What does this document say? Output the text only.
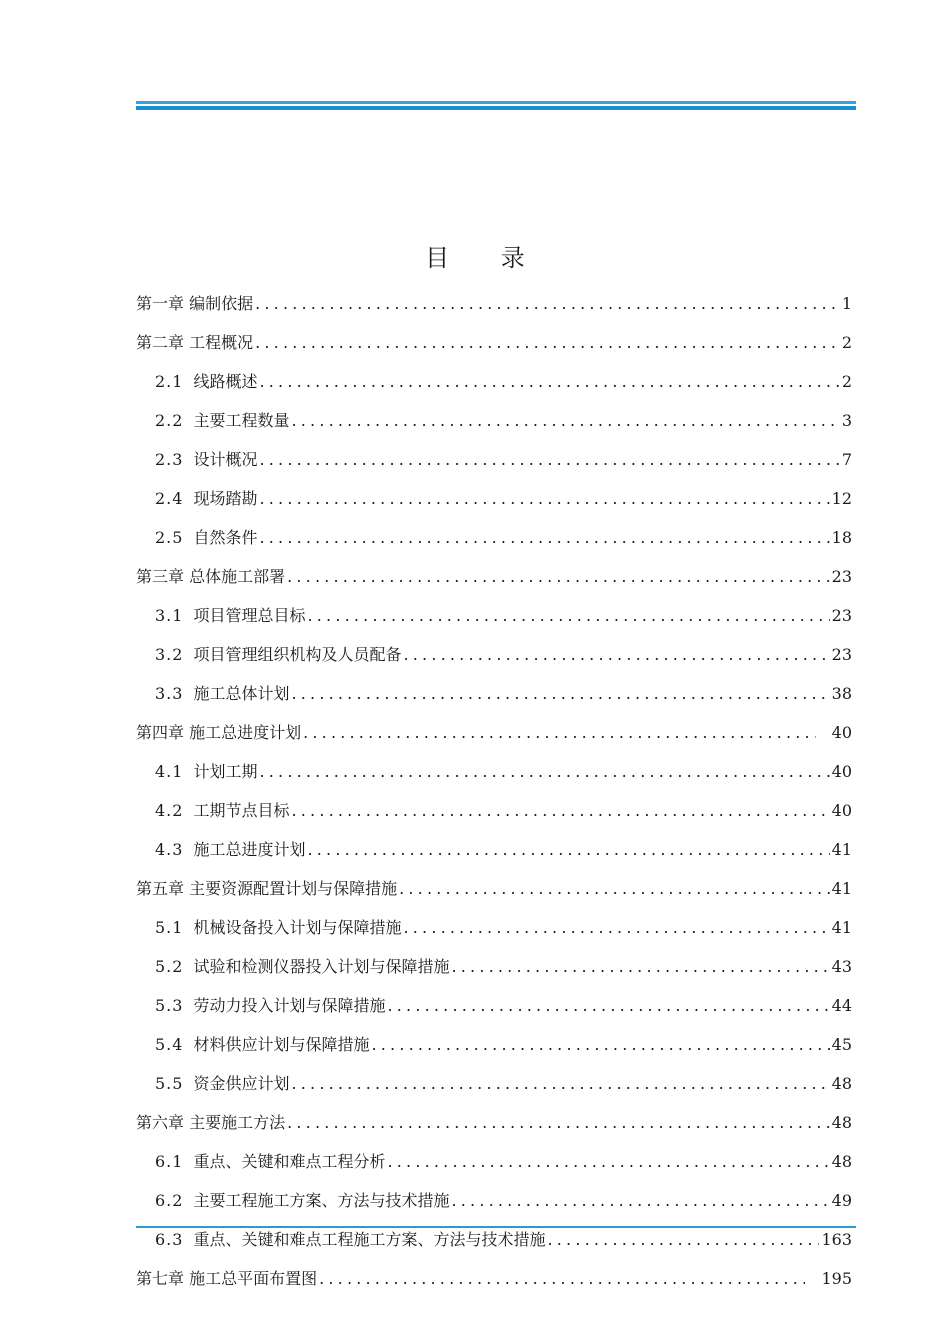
目 录
第一章 编制依据 .....	1
第二章 工程概况 .....	2
2.1 线路概述 .....	2
2.2 主要工程数量 .....	3
2.3 设计概况 .....	7
2.4 现场踏勘 .....	12
2.5 自然条件 .....	18
第三章 总体施工部署 .....	23
3.1 项目管理总目标 .....	23
3.2 项目管理组织机构及人员配备 .....	23
3.3 施工总体计划 .....	38
第四章 施工总进度计划 .....	40
4.1 计划工期 .....	40
4.2 工期节点目标 .....	40
4.3 施工总进度计划 .....	41
第五章 主要资源配置计划与保障措施 .....	41
5.1 机械设备投入计划与保障措施 .....	41
5.2 试验和检测仪器投入计划与保障措施 .....	43
5.3 劳动力投入计划与保障措施 .....	44
5.4 材料供应计划与保障措施 .....	45
5.5 资金供应计划 .....	48
第六章 主要施工方法 .....	48
6.1 重点、关键和难点工程分析 .....	48
6.2 主要工程施工方案、方法与技术措施 .....	49
6.3 重点、关键和难点工程施工方案、方法与技术措施 .....	163
第七章 施工总平面布置图 .....	195
